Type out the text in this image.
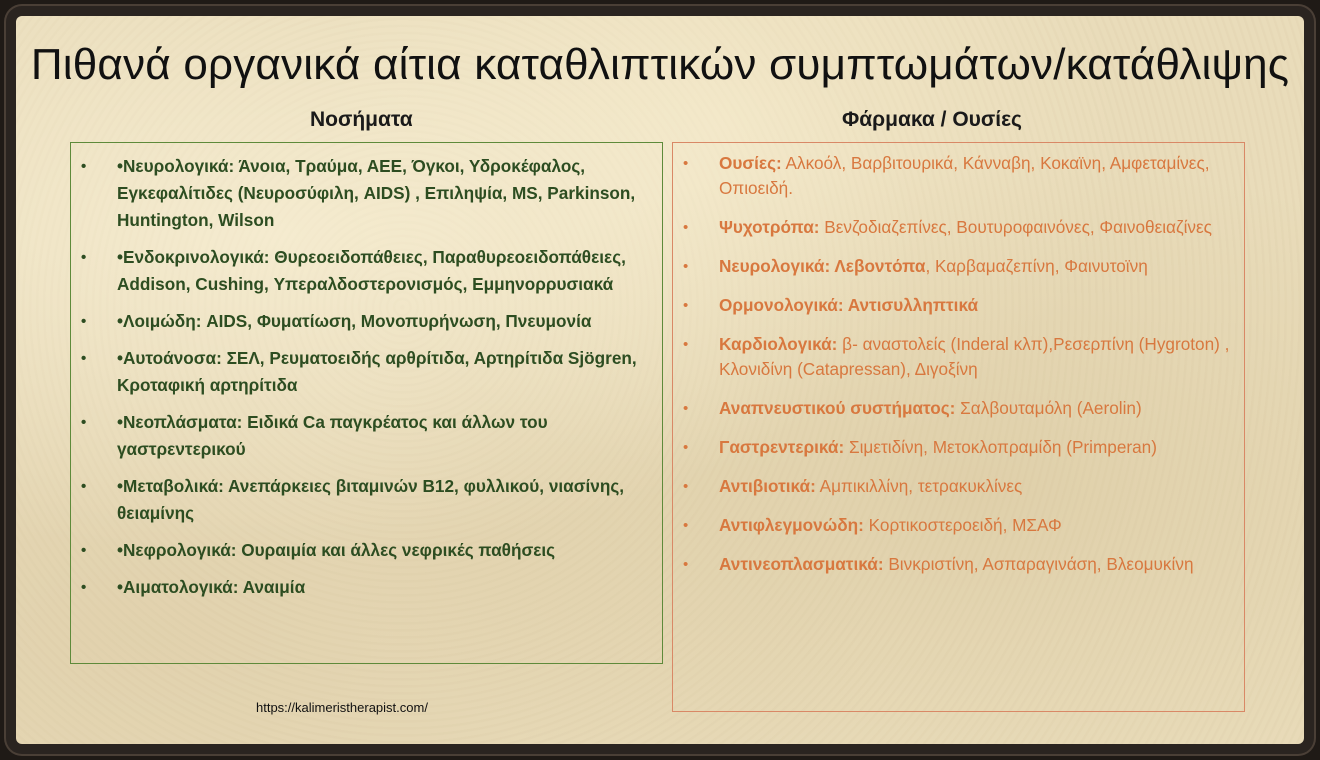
Πιθανά οργανικά αίτια καταθλιπτικών συμπτωμάτων/κατάθλιψης
Νοσήματα	Φάρμακα / Ουσίες
• •Νευρολογικά: Άνοια, Τραύμα, ΑΕΕ, Όγκοι, Υδροκέφαλος, Εγκεφαλίτιδες (Νευροσύφιλη, AIDS) , Επιληψία, MS, Parkinson, Huntington, Wilson
• •Ενδοκρινολογικά: Θυρεοειδοπάθειες, Παραθυρεοειδοπάθειες, Addison, Cushing, Υπεραλδοστερονισμός, Εμμηνορρυσιακά
• •Λοιμώδη: AIDS, Φυματίωση, Μονοπυρήνωση, Πνευμονία
• •Αυτοάνοσα: ΣΕΛ, Ρευματοειδής αρθρίτιδα, Αρτηρίτιδα Sjögren, Κροταφική αρτηρίτιδα
• •Νεοπλάσματα: Ειδικά Ca παγκρέατος και άλλων του γαστρεντερικού
• •Μεταβολικά: Ανεπάρκειες βιταμινών Β12, φυλλικού, νιασίνης, θειαμίνης
• •Νεφρολογικά: Ουραιμία και άλλες νεφρικές παθήσεις
• •Αιματολογικά: Αναιμία
• Ουσίες: Αλκοόλ, Βαρβιτουρικά, Κάνναβη, Κοκαϊνη, Αμφεταμίνες, Οπιοειδή.
• Ψυχοτρόπα: Βενζοδιαζεπίνες, Βουτυροφαινόνες, Φαινοθειαζίνες
• Νευρολογικά: Λεβοντόπα, Καρβαμαζεπίνη, Φαινυτοϊνη
• Ορμονολογικά: Αντισυλληπτικά
• Καρδιολογικά: β- αναστολείς (Inderal κλπ),Ρεσερπίνη (Hygroton) , Κλονιδίνη (Catapressan), Διγοξίνη
• Αναπνευστικού συστήματος: Σαλβουταμόλη (Aerolin)
• Γαστρεντερικά: Σιμετιδίνη, Μετοκλοπραμίδη (Primperan)
• Αντιβιοτικά: Αμπικιλλίνη, τετρακυκλίνες
• Αντιφλεγμονώδη: Κορτικοστεροειδή, ΜΣΑΦ
• Αντινεοπλασματικά: Βινκριστίνη, Ασπαραγινάση, Βλεομυκίνη
https://kalimeristherapist.com/
